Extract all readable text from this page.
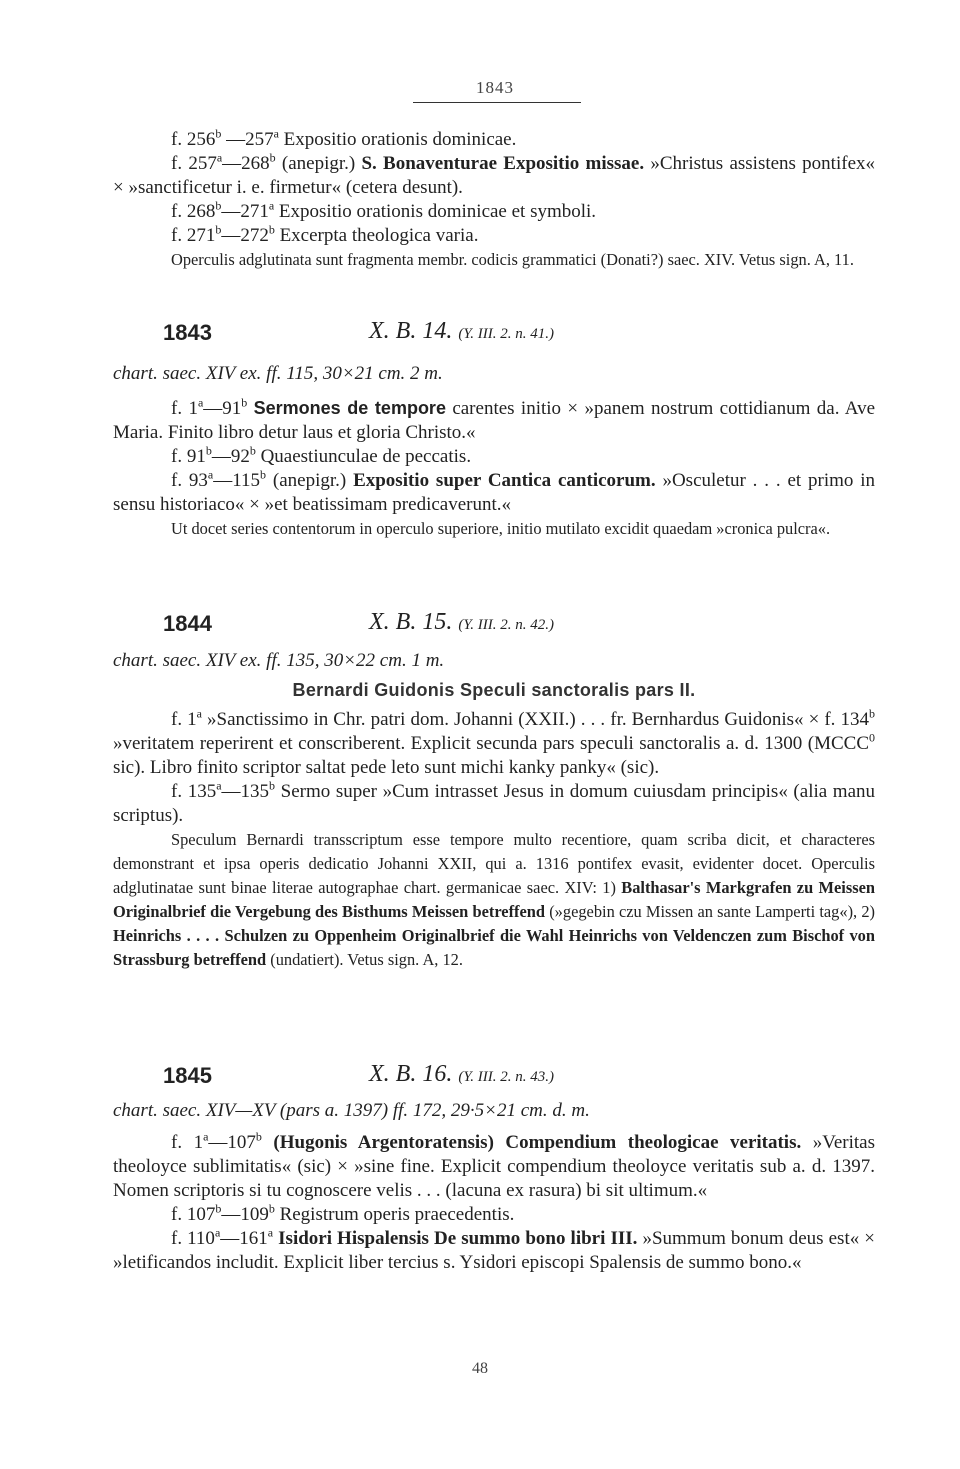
1843
f. 256$^b$ —257$^a$ Expositio orationis dominicae.
f. 257$^a$—268$^b$ (anepigr.) S. Bonaventurae Expositio missae. »Christus assistens pontifex« × »sanctificetur i. e. firmetur« (cetera desunt).
f. 268$^b$—271$^a$ Expositio orationis dominicae et symboli.
f. 271$^b$—272$^b$ Excerpta theologica varia.
Operculis adglutinata sunt fragmenta membr. codicis grammatici (Donati?) saec. XIV. Vetus sign. A, 11.
1843	X. B. 14. (Y. III. 2. n. 41.)
chart. saec. XIV ex. ff. 115, 30×21 cm. 2 m.
f. 1$^a$—91$^b$ Sermones de tempore carentes initio × »panem nostrum cottidianum da. Ave Maria. Finito libro detur laus et gloria Christo.«
f. 91$^b$—92$^b$ Quaestiunculae de peccatis.
f. 93$^a$—115$^b$ (anepigr.) Expositio super Cantica canticorum. »Osculetur . . . et primo in sensu historiaco« × »et beatissimam predicaverunt.«
Ut docet series contentorum in operculo superiore, initio mutilato excidit quaedam »cronica pulcra«.
1844	X. B. 15. (Y. III. 2. n. 42.)
chart. saec. XIV ex. ff. 135, 30×22 cm. 1 m.
Bernardi Guidonis Speculi sanctoralis pars II.
f. 1$^a$ »Sanctissimo in Chr. patri dom. Johanni (XXII.) . . . fr. Bernhardus Guidonis« × f. 134$^b$ »veritatem reperirent et conscriberent. Explicit secunda pars speculi sanctoralis a. d. 1300 (MCCC$^0$ sic). Libro finito scriptor saltat pede leto sunt michi kanky panky« (sic).
f. 135$^a$—135$^b$ Sermo super »Cum intrasset Jesus in domum cuiusdam principis« (alia manu scriptus).
Speculum Bernardi transscriptum esse tempore multo recentiore, quam scriba dicit, et characteres demonstrant et ipsa operis dedicatio Johanni XXII, qui a. 1316 pontifex evasit, evidenter docet. Operculis adglutinatae sunt binae literae autographae chart. germanicae saec. XIV: 1) Balthasar's Markgrafen zu Meissen Originalbrief die Vergebung des Bisthums Meissen betreffend (»gegebin czu Missen an sante Lamperti tag«), 2) Heinrichs . . . . Schulzen zu Oppenheim Originalbrief die Wahl Heinrichs von Veldenczen zum Bischof von Strassburg betreffend (undatiert). Vetus sign. A, 12.
1845	X. B. 16. (Y. III. 2. n. 43.)
chart. saec. XIV—XV (pars a. 1397) ff. 172, 29·5×21 cm. d. m.
f. 1$^a$—107$^b$ (Hugonis Argentoratensis) Compendium theologicae veritatis. »Veritas theoloyce sublimitatis« (sic) × »sine fine. Explicit compendium theoloyce veritatis sub a. d. 1397. Nomen scriptoris si tu cognoscere velis . . . (lacuna ex rasura) bi sit ultimum.«
f. 107$^b$—109$^b$ Registrum operis praecedentis.
f. 110$^a$—161$^a$ Isidori Hispalensis De summo bono libri III. »Summum bonum deus est« × »letificandos includit. Explicit liber tercius s. Ysidori episcopi Spalensis de summo bono.«
48
